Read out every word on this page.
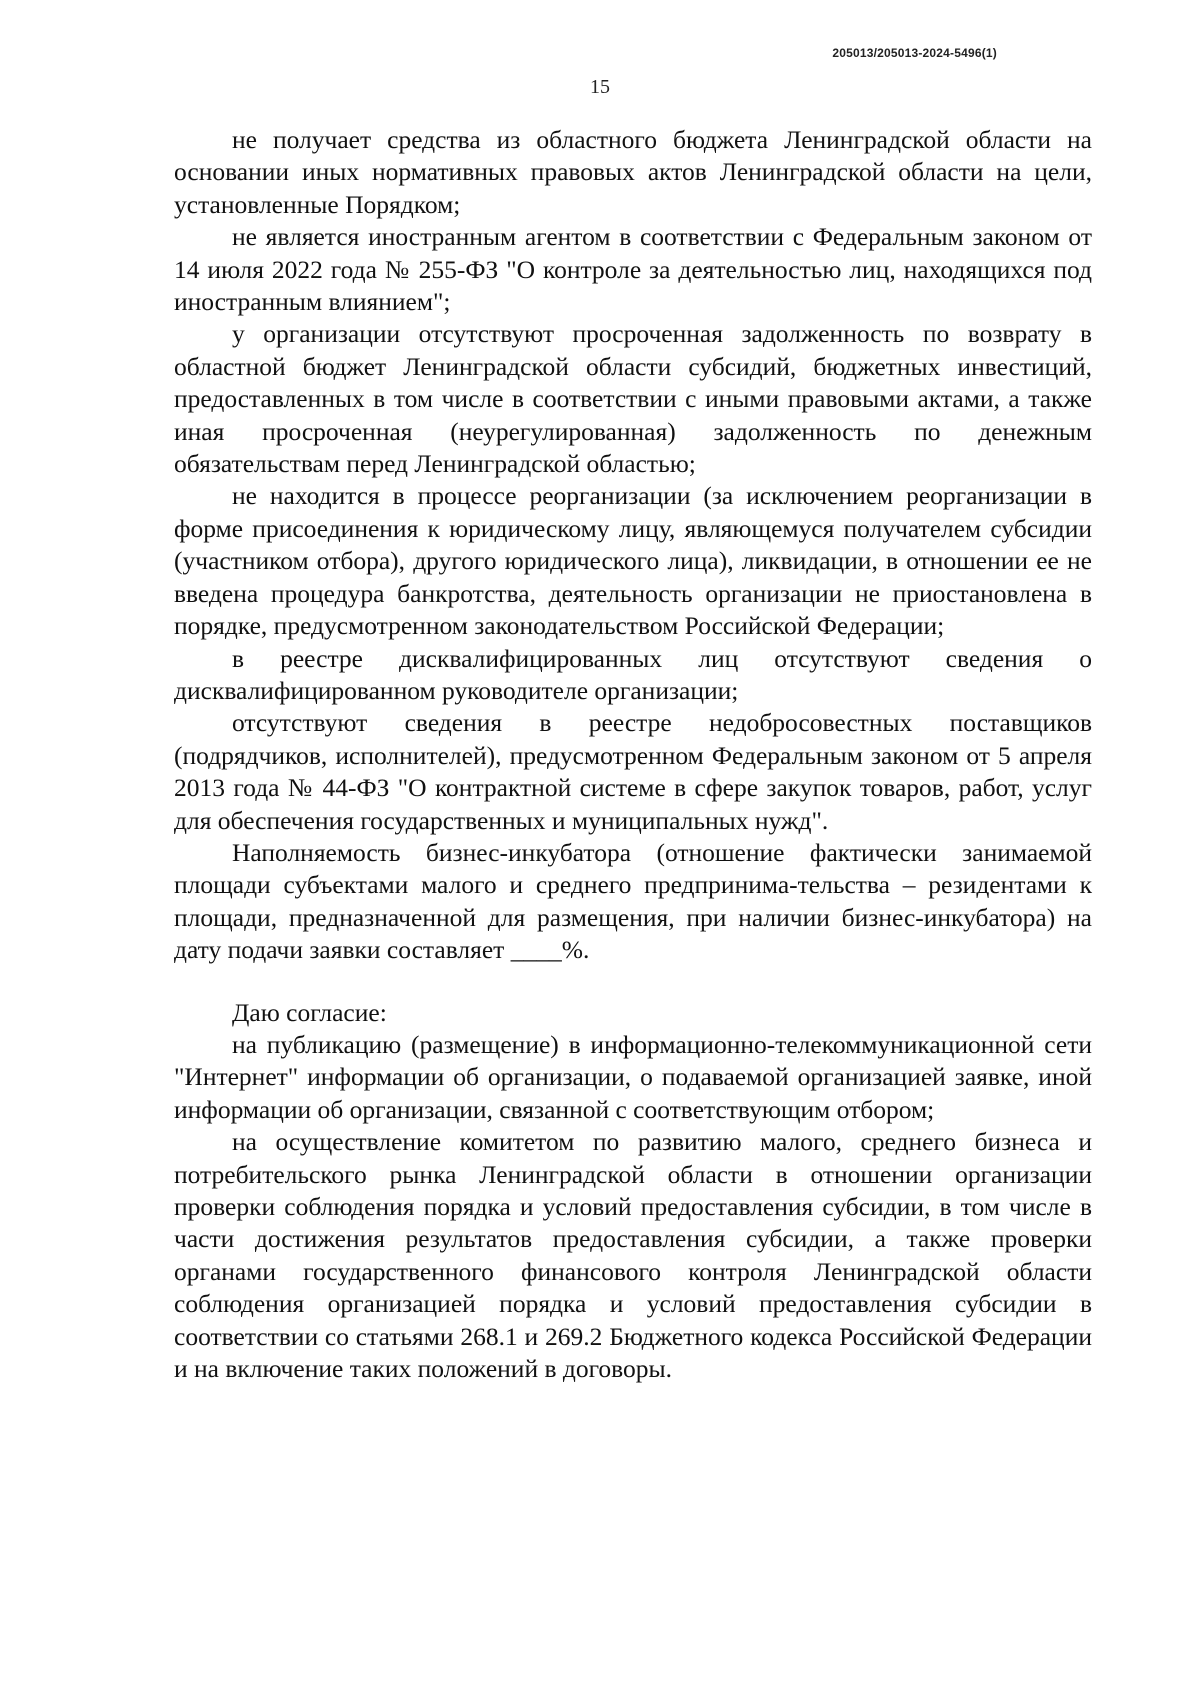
205013/205013-2024-5496(1)
15

не получает средства из областного бюджета Ленинградской области на основании иных нормативных правовых актов Ленинградской области на цели, установленные Порядком;

не является иностранным агентом в соответствии с Федеральным законом от 14 июля 2022 года № 255-ФЗ "О контроле за деятельностью лиц, находящихся под иностранным влиянием";

у организации отсутствуют просроченная задолженность по возврату в областной бюджет Ленинградской области субсидий, бюджетных инвестиций, предоставленных в том числе в соответствии с иными правовыми актами, а также иная просроченная (неурегулированная) задолженность по денежным обязательствам перед Ленинградской областью;

не находится в процессе реорганизации (за исключением реорганизации в форме присоединения к юридическому лицу, являющемуся получателем субсидии (участником отбора), другого юридического лица), ликвидации, в отношении ее не введена процедура банкротства, деятельность организации не приостановлена в порядке, предусмотренном законодательством Российской Федерации;

в реестре дисквалифицированных лиц отсутствуют сведения о дисквалифицированном руководителе организации;

отсутствуют сведения в реестре недобросовестных поставщиков (подрядчиков, исполнителей), предусмотренном Федеральным законом от 5 апреля 2013 года № 44-ФЗ "О контрактной системе в сфере закупок товаров, работ, услуг для обеспечения государственных и муниципальных нужд".

Наполняемость бизнес-инкубатора (отношение фактически занимаемой площади субъектами малого и среднего предпринима-тельства – резидентами к площади, предназначенной для размещения, при наличии бизнес-инкубатора) на дату подачи заявки составляет ____%.

Даю согласие:

на публикацию (размещение) в информационно-телекоммуникационной сети "Интернет" информации об организации, о подаваемой организацией заявке, иной информации об организации, связанной с соответствующим отбором;

на осуществление комитетом по развитию малого, среднего бизнеса и потребительского рынка Ленинградской области в отношении организации проверки соблюдения порядка и условий предоставления субсидии, в том числе в части достижения результатов предоставления субсидии, а также проверки органами государственного финансового контроля Ленинградской области соблюдения организацией порядка и условий предоставления субсидии в соответствии со статьями 268.1 и 269.2 Бюджетного кодекса Российской Федерации и на включение таких положений в договоры.
